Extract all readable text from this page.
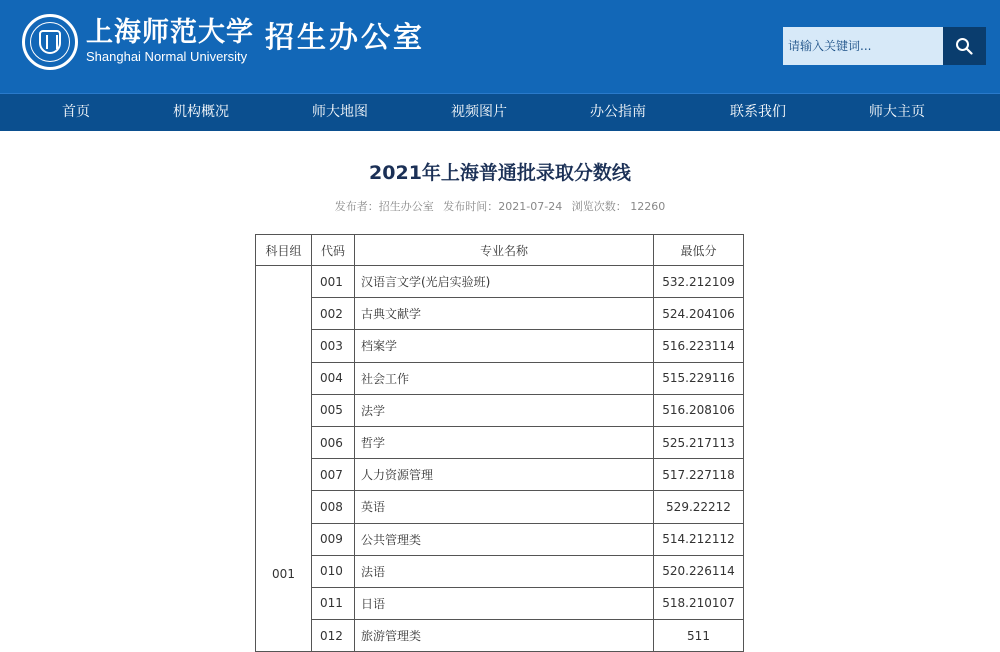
上海师范大学
Shanghai Normal University
招生办公室
请输入关键词...
首页	机构概况	师大地图	视频图片	办公指南	联系我们	师大主页
2021年上海普通批录取分数线
发布者：招生办公室 发布时间：2021-07-24 浏览次数： 12260
科目组	代码	专业名称	最低分
001	001	汉语言文学(光启实验班)	532.212109
	002	古典文献学	524.204106
	003	档案学	516.223114
	004	社会工作	515.229116
	005	法学	516.208106
	006	哲学	525.217113
	007	人力资源管理	517.227118
	008	英语	529.22212
	009	公共管理类	514.212112
	010	法语	520.226114
	011	日语	518.210107
	012	旅游管理类	511
